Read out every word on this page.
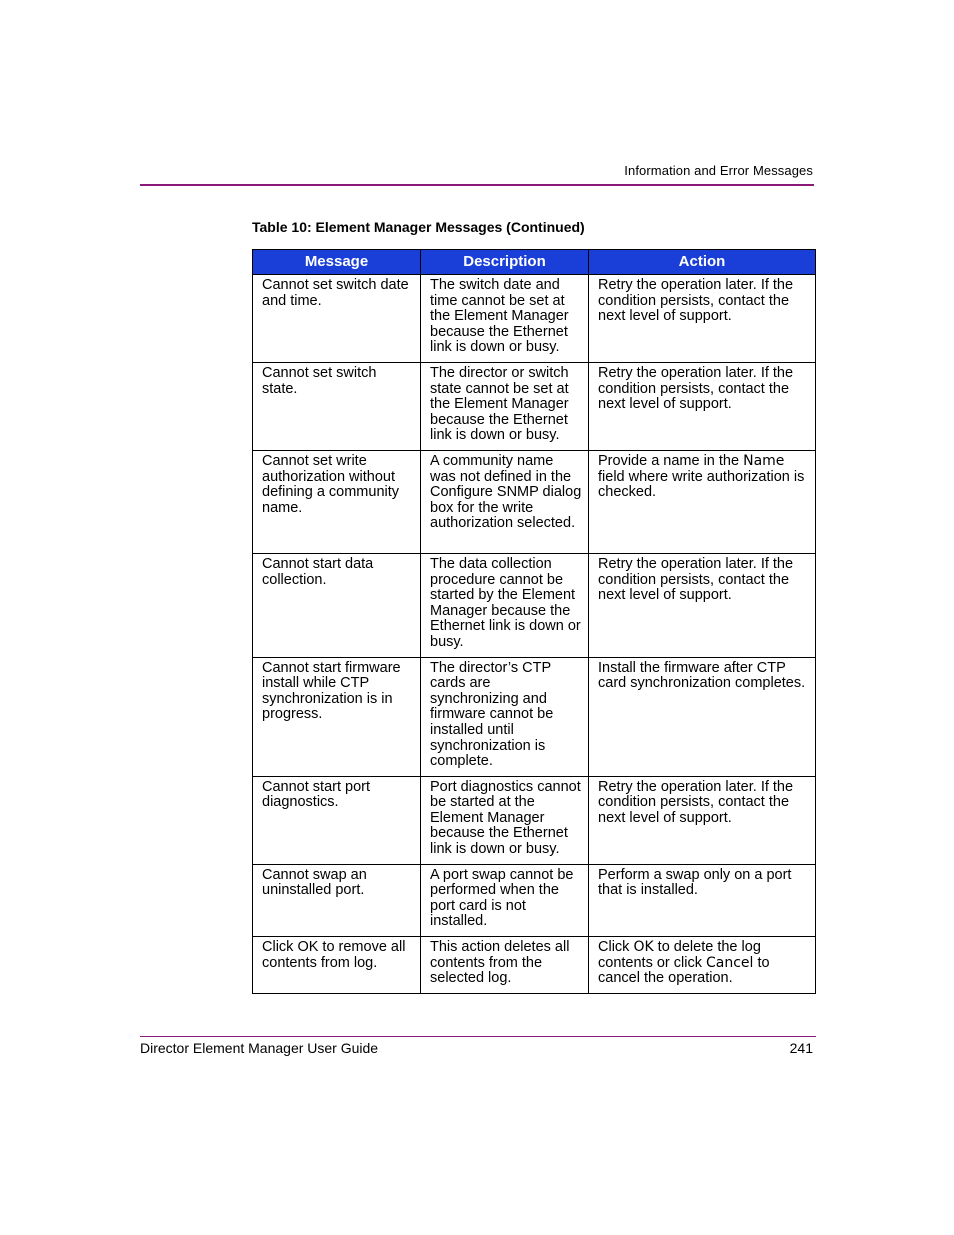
Information and Error Messages
Table 10: Element Manager Messages (Continued)
Message	Description	Action
Cannot set switch date and time.	The switch date and time cannot be set at the Element Manager because the Ethernet link is down or busy.	Retry the operation later. If the condition persists, contact the next level of support.
Cannot set switch state.	The director or switch state cannot be set at the Element Manager because the Ethernet link is down or busy.	Retry the operation later. If the condition persists, contact the next level of support.
Cannot set write authorization without defining a community name.	A community name was not defined in the Configure SNMP dialog box for the write authorization selected.	Provide a name in the Name field where write authorization is checked.
Cannot start data collection.	The data collection procedure cannot be started by the Element Manager because the Ethernet link is down or busy.	Retry the operation later. If the condition persists, contact the next level of support.
Cannot start firmware install while CTP synchronization is in progress.	The director’s CTP cards are synchronizing and firmware cannot be installed until synchronization is complete.	Install the firmware after CTP card synchronization completes.
Cannot start port diagnostics.	Port diagnostics cannot be started at the Element Manager because the Ethernet link is down or busy.	Retry the operation later. If the condition persists, contact the next level of support.
Cannot swap an uninstalled port.	A port swap cannot be performed when the port card is not installed.	Perform a swap only on a port that is installed.
Click OK to remove all contents from log.	This action deletes all contents from the selected log.	Click OK to delete the log contents or click Cancel to cancel the operation.
Director Element Manager User Guide	241
